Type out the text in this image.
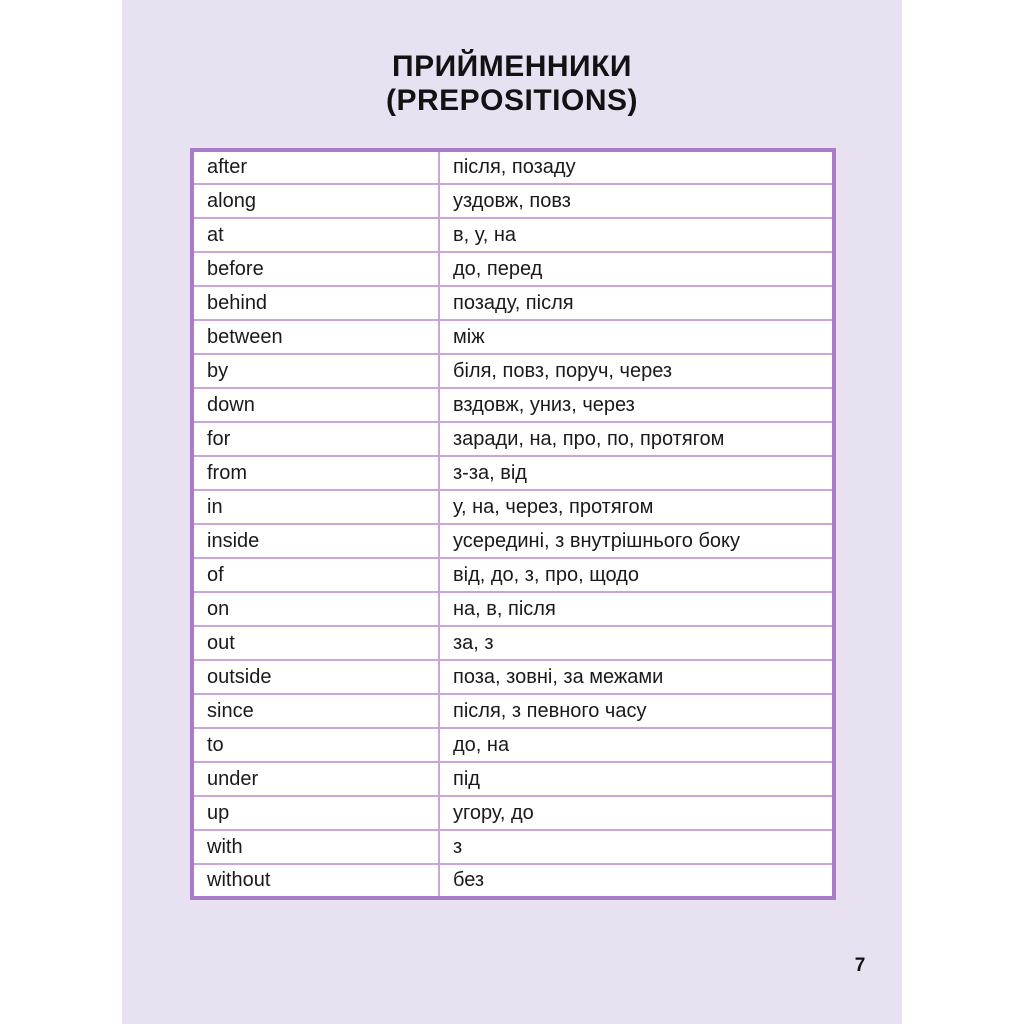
ПРИЙМЕННИКИ
(PREPOSITIONS)
after	після, позаду
along	уздовж, повз
at	в, у, на
before	до, перед
behind	позаду, після
between	між
by	біля, повз, поруч, через
down	вздовж, униз, через
for	заради, на, про, по, протягом
from	з-за, від
in	у, на, через, протягом
inside	усередині, з внутрішнього боку
of	від, до, з, про, щодо
on	на, в, після
out	за, з
outside	поза, зовні, за межами
since	після, з певного часу
to	до, на
under	під
up	угору, до
with	з
without	без
7
